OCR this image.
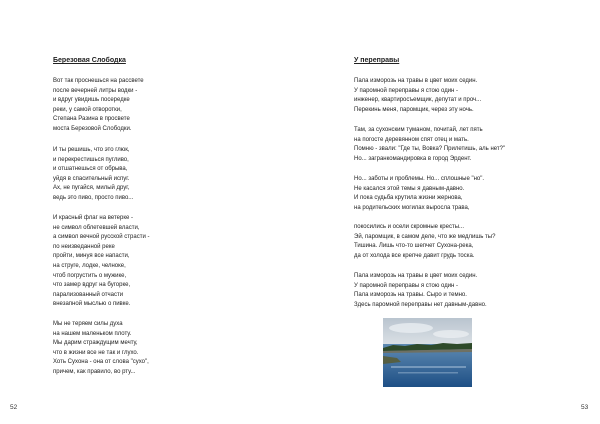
Березовая Слободка
Вот так проснешься на рассвете
после вечерней литры водки -
и вдруг увидишь посередке
реки, у самой отворотки,
Степана Разина в просвете
моста Березовой Слободки.
И ты решишь, что это глюк,
и перекрестишься пугливо,
и отшатнешься от обрыва,
уйдя в спасительный испуг.
Ах, не пугайся, милый друг,
ведь это пиво, просто пиво...
И красный флаг на ветерке -
не символ облетевшей власти,
а символ вечной русской страсти -
по неизведанной реке
пройти, минуя все напасти,
на струге, лодке, челноке,
чтоб погрустить о мужике,
что замер вдруг на бугорке,
парализованный отчасти
внезапной мыслью о пивке.
Мы не теряем силы духа
на нашем маленьком плоту.
Мы дарим страждущим мечту,
что в жизни все не так и глухо.
Хоть Сухона - она от слова "сухо",
причем, как правило, во рту...
52
У переправы
Пала изморозь на травы в цвет моих седин.
У паромной переправы я стою один -
инженер, квартиросъемщик, депутат и проч...
Перекинь меня, паромщик, через эту ночь.
Там, за сухонским туманом, почитай, лет пять
на погосте деревянном спят отец и мать.
Помню - звали: "Где ты, Вовка? Прилетишь, аль нет?"
Но... загранкомандировка в город Эрдент.
Но... заботы и проблемы. Но... сплошные "но".
Не касался этой темы я давным-давно.
И пока судьба крутила жизни жернова,
на родительских могилах выросла трава,
покосились и осели скромные кресты...
Эй, паромщик, в самом деле, что же медлишь ты?
Тишина. Лишь что-то шепчет Сухона-река,
да от холода все крепче давит грудь тоска.
Пала изморозь на травы в цвет моих седин.
У паромной переправы я стою один -
Пала изморозь на травы. Сыро и темно.
Здесь паромной переправы нет давным-давно.
53
